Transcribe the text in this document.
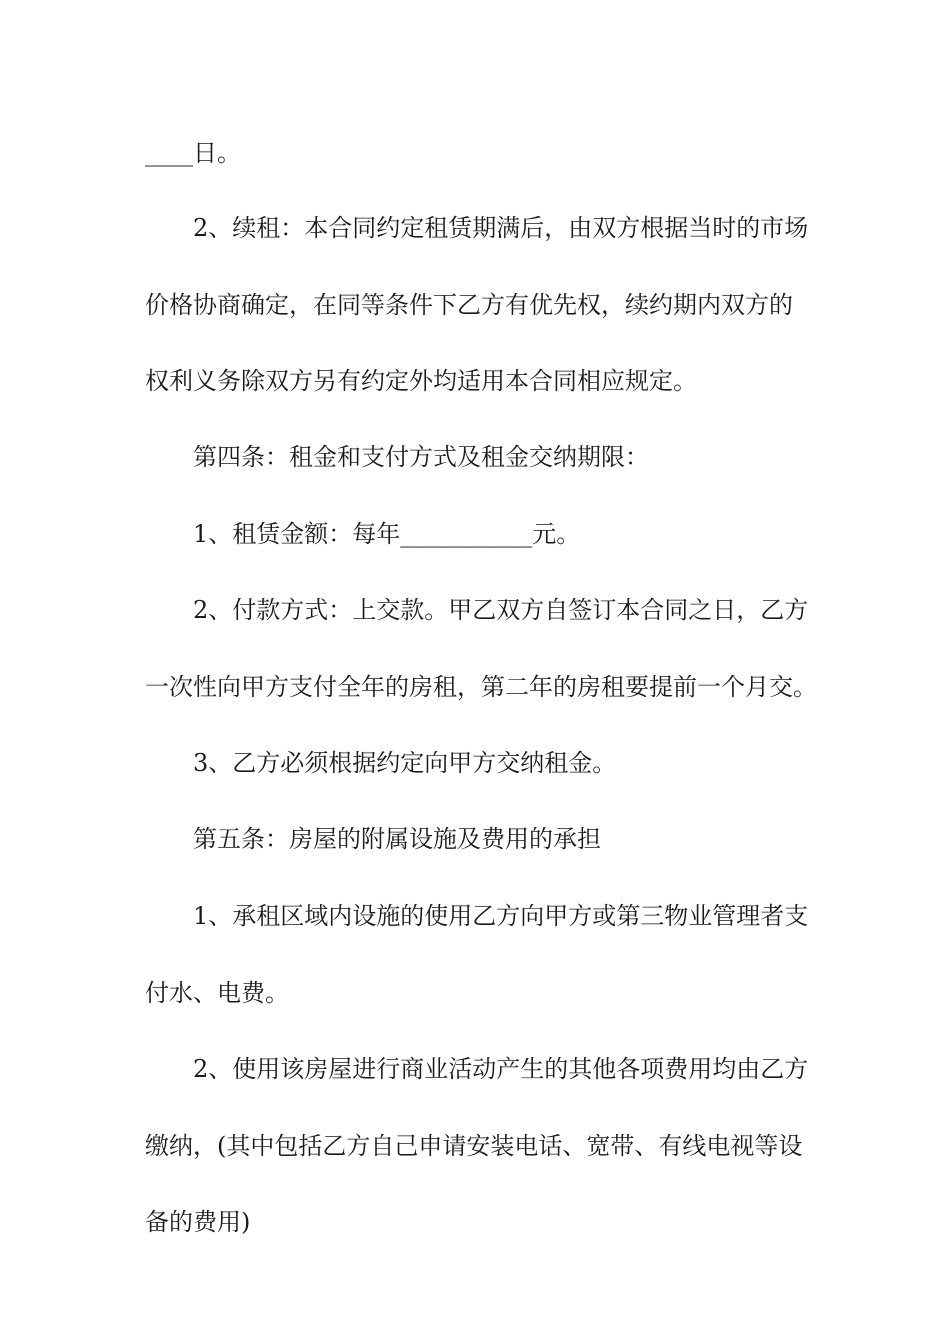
____日。

2、续租：本合同约定租赁期满后，由双方根据当时的市场
价格协商确定，在同等条件下乙方有优先权，续约期内双方的
权利义务除双方另有约定外均适用本合同相应规定。

第四条：租金和支付方式及租金交纳期限：

1、租赁金额：每年___________元。

2、付款方式：上交款。甲乙双方自签订本合同之日，乙方
一次性向甲方支付全年的房租，第二年的房租要提前一个月交。

3、乙方必须根据约定向甲方交纳租金。

第五条：房屋的附属设施及费用的承担

1、承租区域内设施的使用乙方向甲方或第三物业管理者支
付水、电费。

2、使用该房屋进行商业活动产生的其他各项费用均由乙方
缴纳，(其中包括乙方自己申请安装电话、宽带、有线电视等设
备的费用)
